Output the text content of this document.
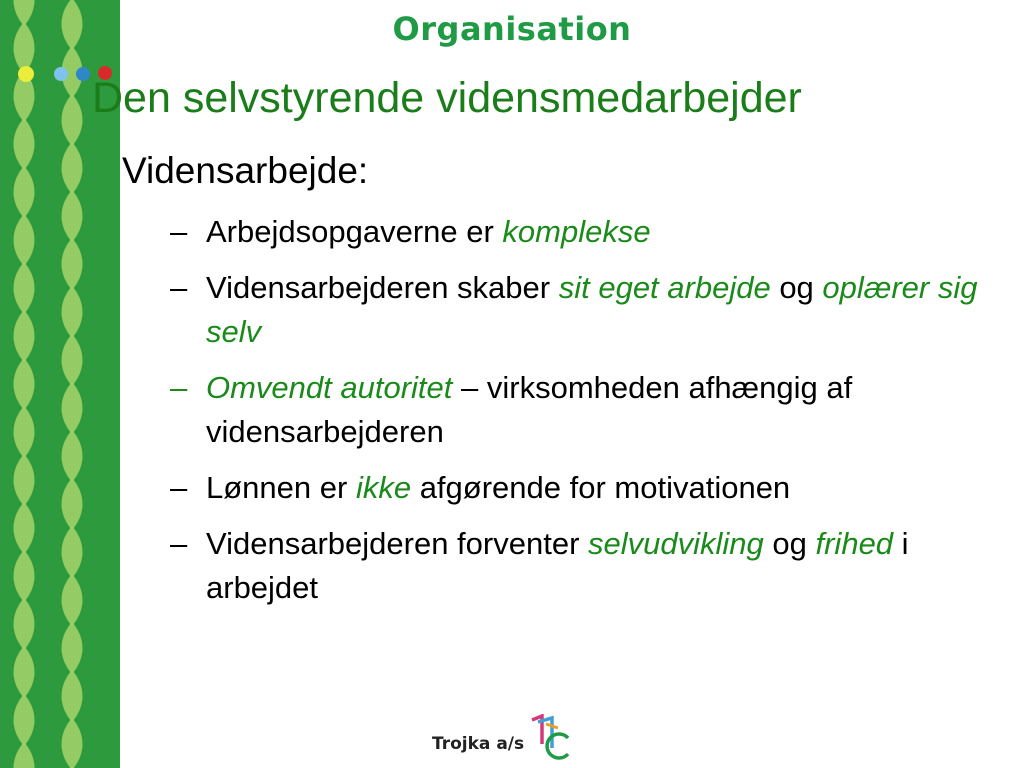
Organisation
Den selvstyrende vidensmedarbejder
Vidensarbejde:
– Arbejdsopgaverne er komplekse
– Vidensarbejderen skaber sit eget arbejde og oplærer sig selv
– Omvendt autoritet – virksomheden afhængig af vidensarbejderen
– Lønnen er ikke afgørende for motivationen
– Vidensarbejderen forventer selvudvikling og frihed i arbejdet
Trojka a/s
